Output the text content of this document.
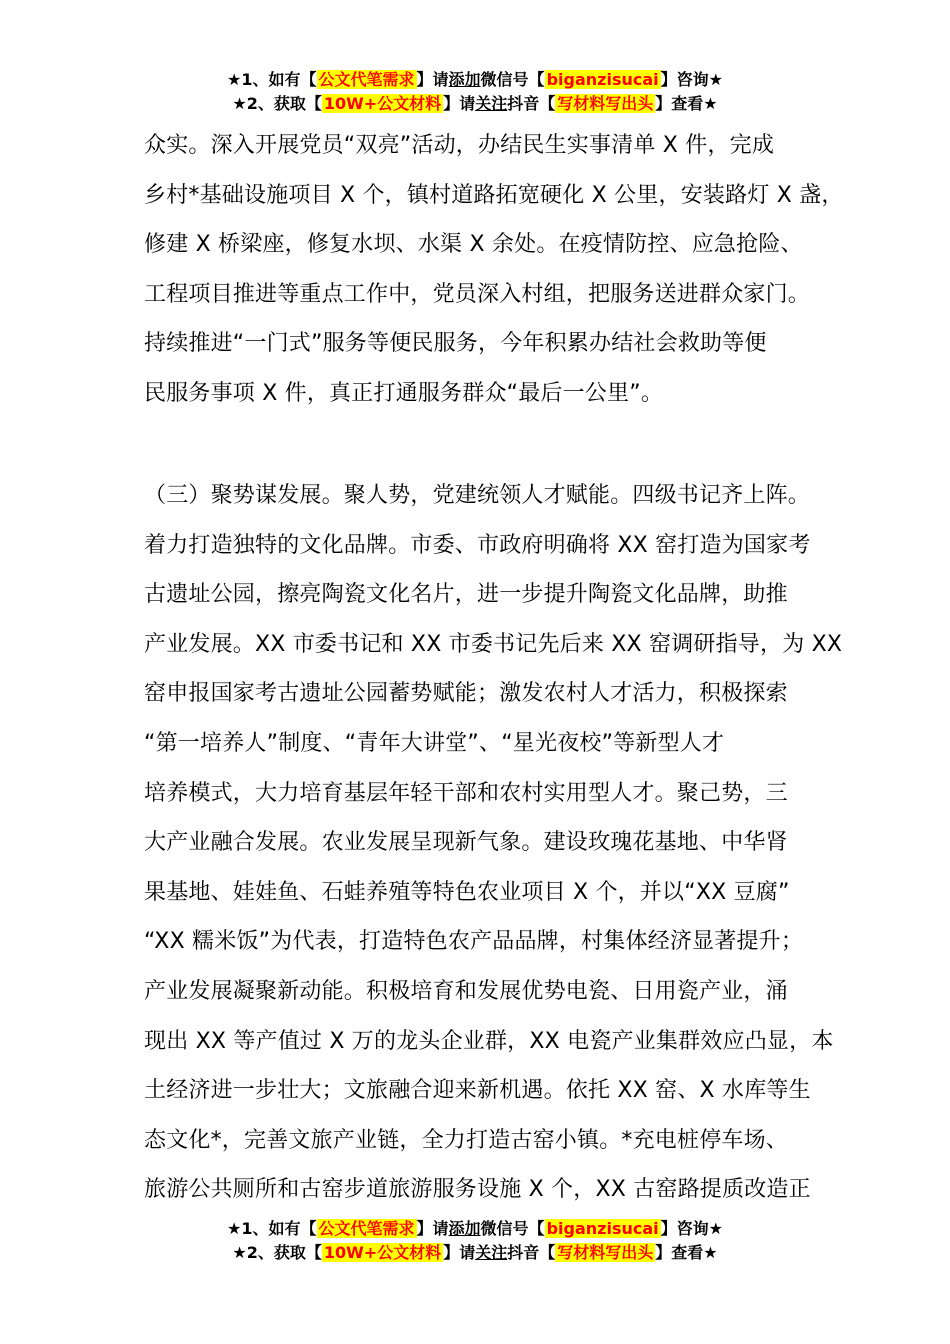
★1、如有【 公文代笔需求 】请添加微信号【 biganzisucai 】咨询★
★2、获取【 10W+公文材料 】请关注抖音【 写材料写出头 】查看★
众实。深入开展党员“双亮”活动，办结民生实事清单 X 件，完成
乡村*基础设施项目 X 个，镇村道路拓宽硬化 X 公里，安装路灯 X 盏，
修建 X 桥梁座，修复水坝、水渠 X 余处。在疫情防控、应急抢险、
工程项目推进等重点工作中，党员深入村组，把服务送进群众家门。
持续推进“一门式”服务等便民服务，今年积累办结社会救助等便
民服务事项 X 件，真正打通服务群众“最后一公里”。
（三）聚势谋发展。聚人势，党建统领人才赋能。四级书记齐上阵。
着力打造独特的文化品牌。市委、市政府明确将 XX 窑打造为国家考
古遗址公园，擦亮陶瓷文化名片，进一步提升陶瓷文化品牌，助推
产业发展。XX 市委书记和 XX 市委书记先后来 XX 窑调研指导，为 XX
窑申报国家考古遗址公园蓄势赋能；激发农村人才活力，积极探索
“第一培养人”制度、“青年大讲堂”、“星光夜校”等新型人才
培养模式，大力培育基层年轻干部和农村实用型人才。聚己势，三
大产业融合发展。农业发展呈现新气象。建设玫瑰花基地、中华肾
果基地、娃娃鱼、石蛙养殖等特色农业项目 X 个，并以“XX 豆腐”
“XX 糯米饭”为代表，打造特色农产品品牌，村集体经济显著提升；
产业发展凝聚新动能。积极培育和发展优势电瓷、日用瓷产业，涌
现出 XX 等产值过 X 万的龙头企业群，XX 电瓷产业集群效应凸显，本
土经济进一步壮大；文旅融合迎来新机遇。依托 XX 窑、X 水库等生
态文化*，完善文旅产业链，全力打造古窑小镇。*充电桩停车场、
旅游公共厕所和古窑步道旅游服务设施 X 个，XX 古窑路提质改造正
★1、如有【 公文代笔需求 】请添加微信号【 biganzisucai 】咨询★
★2、获取【 10W+公文材料 】请关注抖音【 写材料写出头 】查看★
